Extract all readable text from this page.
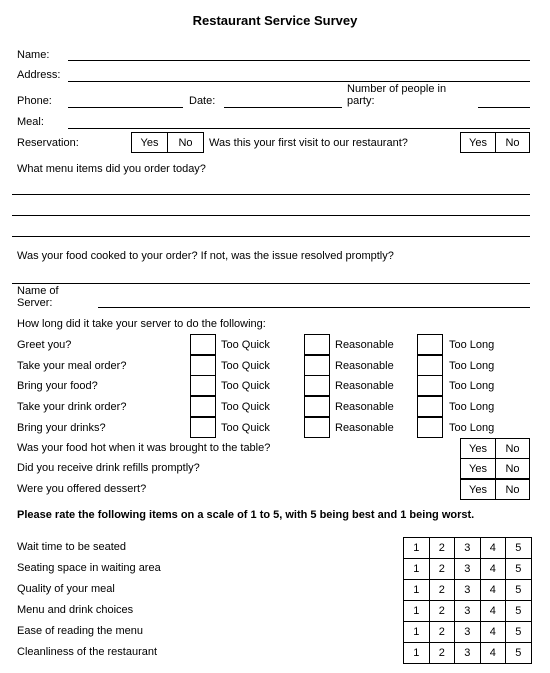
Restaurant Service Survey
Name:
Address:
Phone:	Date:
Number of people in
party:
Meal:
Reservation:	Yes	No	Was this your first visit to our restaurant?	Yes	No
What menu items did you order today?
Was your food cooked to your order? If not, was the issue resolved promptly?
Name of
Server:
How long did it take your server to do the following:
Greet you?	Too Quick	Reasonable	Too Long
Take your meal order?	Too Quick	Reasonable	Too Long
Bring your food?	Too Quick	Reasonable	Too Long
Take your drink order?	Too Quick	Reasonable	Too Long
Bring your drinks?	Too Quick	Reasonable	Too Long
Was your food hot when it was brought to the table?	Yes	No
Did you receive drink refills promptly?	Yes	No
Were you offered dessert?	Yes	No
Please rate the following items on a scale of 1 to 5, with 5 being best and 1 being worst.
Wait time to be seated	1	2	3	4	5
Seating space in waiting area	1	2	3	4	5
Quality of your meal	1	2	3	4	5
Menu and drink choices	1	2	3	4	5
Ease of reading the menu	1	2	3	4	5
Cleanliness of the restaurant	1	2	3	4	5
